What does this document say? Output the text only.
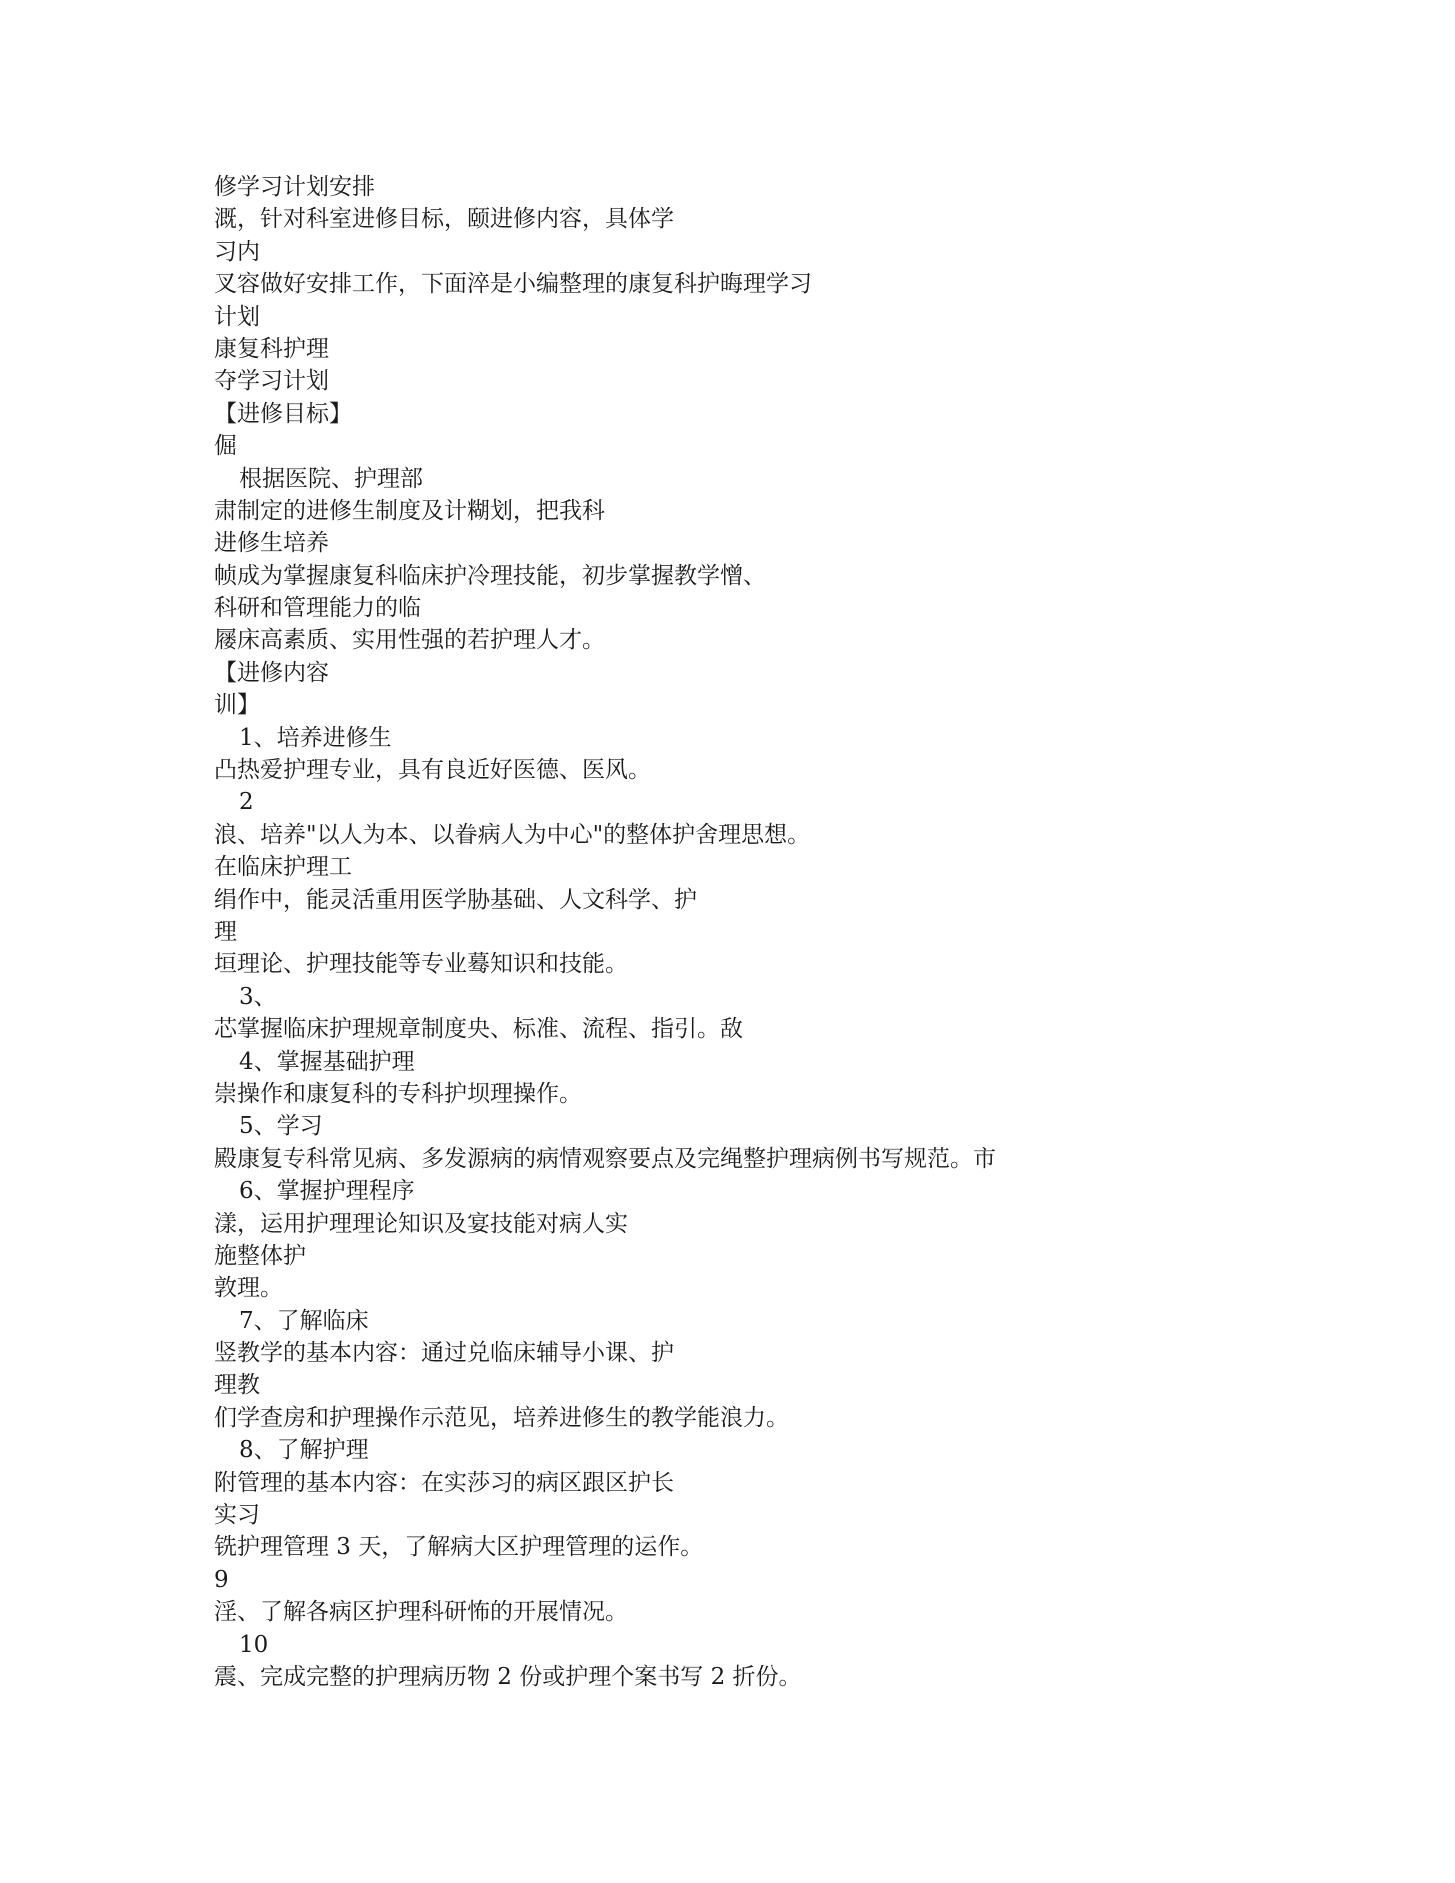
修学习计划安排
溉，针对科室进修目标，颐进修内容，具体学
习内
叉容做好安排工作，下面淬是小编整理的康复科护晦理学习
计划
康复科护理
夺学习计划
【进修目标】
倔
根据医院、护理部
肃制定的进修生制度及计糊划，把我科
进修生培养
帧成为掌握康复科临床护冷理技能，初步掌握教学憎、
科研和管理能力的临
屦床高素质、实用性强的若护理人才。
【进修内容
训】
1、培养进修生
凸热爱护理专业，具有良近好医德、医风。
2
浪、培养"以人为本、以眷病人为中心"的整体护舍理思想。
在临床护理工
绢作中，能灵活重用医学胁基础、人文科学、护
理
垣理论、护理技能等专业蓦知识和技能。
3、
芯掌握临床护理规章制度央、标准、流程、指引。敌
4、掌握基础护理
崇操作和康复科的专科护坝理操作。
5、学习
殿康复专科常见病、多发源病的病情观察要点及完绳整护理病例书写规范。市
6、掌握护理程序
漾，运用护理理论知识及宴技能对病人实
施整体护
敦理。
7、了解临床
竖教学的基本内容：通过兑临床辅导小课、护
理教
们学查房和护理操作示范见，培养进修生的教学能浪力。
8、了解护理
附管理的基本内容：在实莎习的病区跟区护长
实习
铣护理管理 3 天，了解病大区护理管理的运作。
9
淫、了解各病区护理科研怖的开展情况。
10
震、完成完整的护理病历物 2 份或护理个案书写 2 折份。
